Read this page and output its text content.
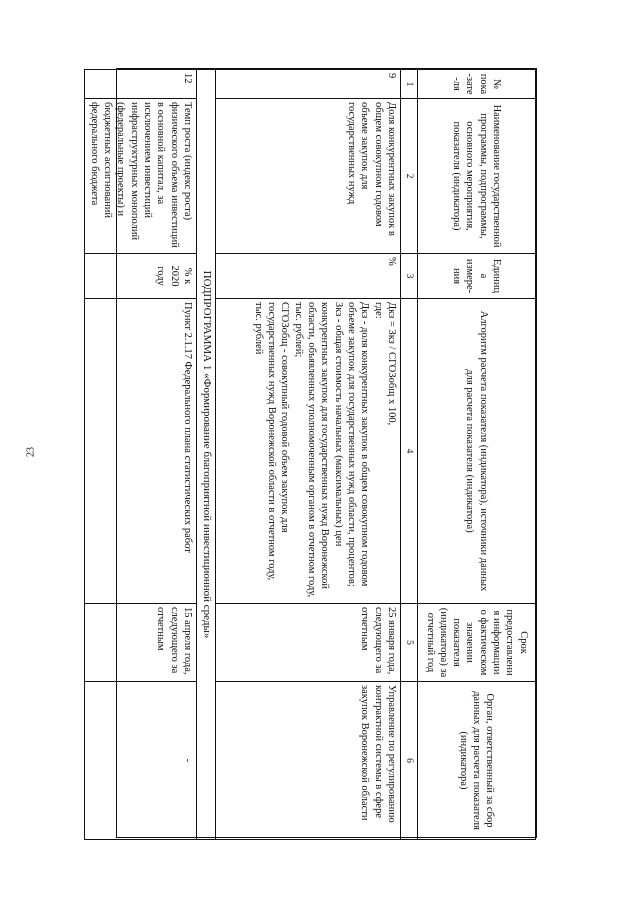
23
№ пока-зате-ля	Наименование государственной программы, подпрограммы, основного мероприятия, показателя (индикатора)	Единица измере-ния	Алгоритм расчета показателя (индикатора), источники данных для расчета показателя (индикатора)	Срок предоставления информации о фактическом значении показателя (индикатора) за отчетный год	Орган, ответственный за сбор данных для расчета показателя (индикатора)
1	2	3	4	5	6
9	Доля конкурентных закупок в общем совокупном годовом объеме закупок для государственных нужд	%	Дкз = Зкз / СГОЗобщ х 100,
где:
Дкз - доля конкурентных закупок в общем совокупном годовом объеме закупок для государственных нужд области, процентов;
Зкз - общая стоимость начальных (максимальных) цен конкурентных закупок для государственных нужд Воронежской области, объявленных уполномоченным органом в отчетном году, тыс. рублей;
СГОЗобщ - совокупный годовой объем закупок для государственных нужд Воронежской области в отчетном году, тыс. рублей	25 января года, следующего за отчетным	Управление по регулированию контрактной системы в сфере закупок Воронежской области
ПОДПРОГРАММА 1 «Формирование благоприятной инвестиционной среды»					
12	Темп роста (индекс роста) физического объема инвестиций в основной капитал, за исключением инвестиций инфраструктурных монополий (федеральные проекты) и бюджетных ассигнований федерального бюджета	% к 2020 году	Пункт 2.1.17 Федерального плана статистических работ	15 апреля года, следующего за отчетным	-
